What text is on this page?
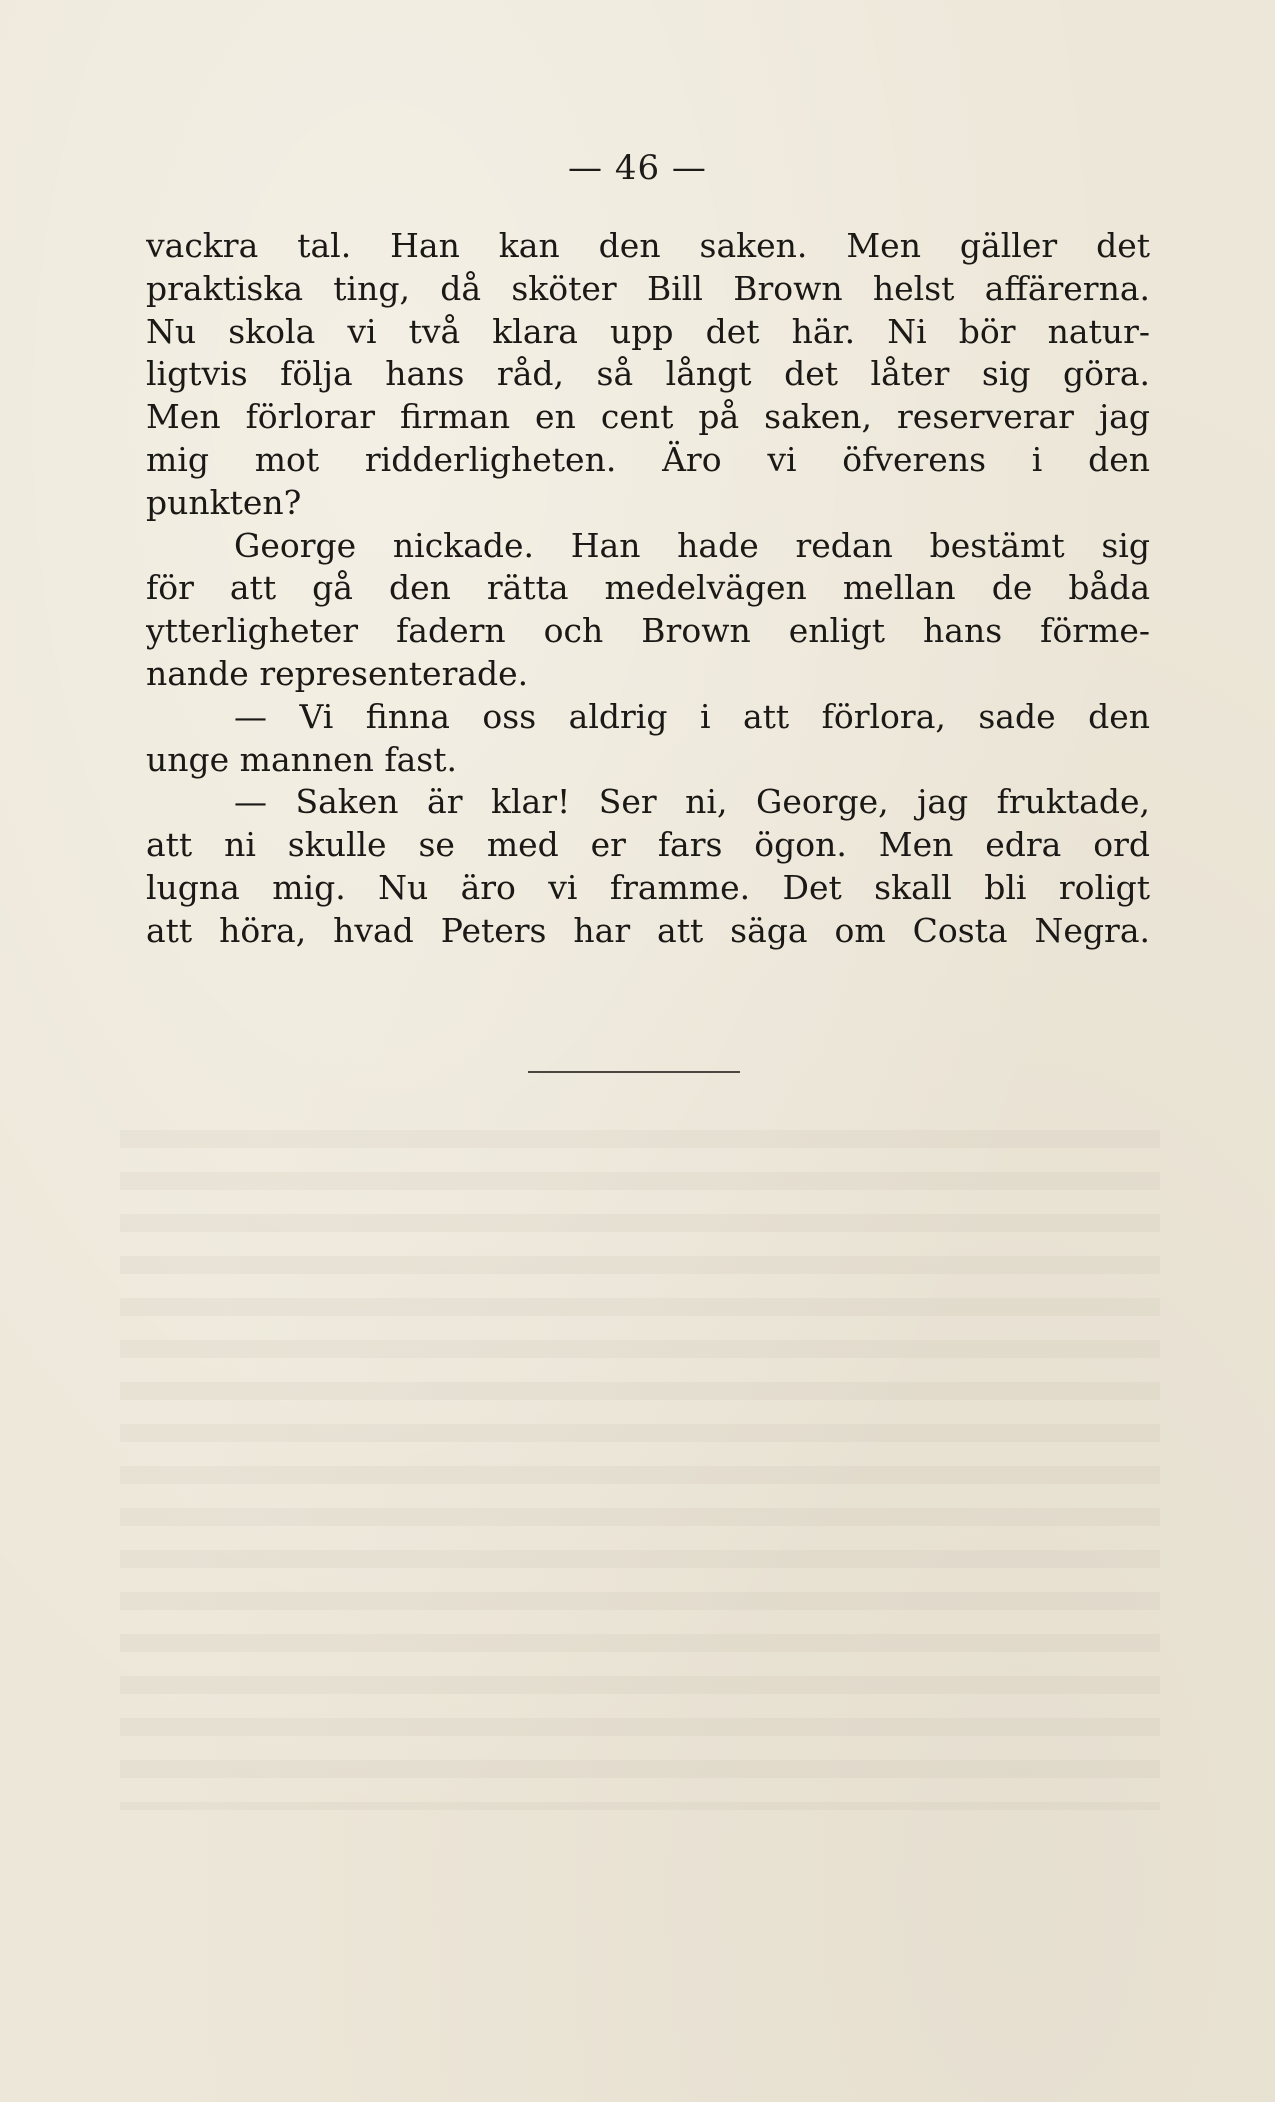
— 46 —
vackra tal. Han kan den saken. Men gäller det
praktiska ting, då sköter Bill Brown helst affärerna.
Nu skola vi två klara upp det här. Ni bör natur-
ligtvis följa hans råd, så långt det låter sig göra.
Men förlorar firman en cent på saken, reserverar jag
mig mot ridderligheten. Äro vi öfverens i den
punkten?
George nickade. Han hade redan bestämt sig
för att gå den rätta medelvägen mellan de båda
ytterligheter fadern och Brown enligt hans förme-
nande representerade.
— Vi finna oss aldrig i att förlora, sade den
unge mannen fast.
— Saken är klar! Ser ni, George, jag fruktade,
att ni skulle se med er fars ögon. Men edra ord
lugna mig. Nu äro vi framme. Det skall bli roligt
att höra, hvad Peters har att säga om Costa Negra.
